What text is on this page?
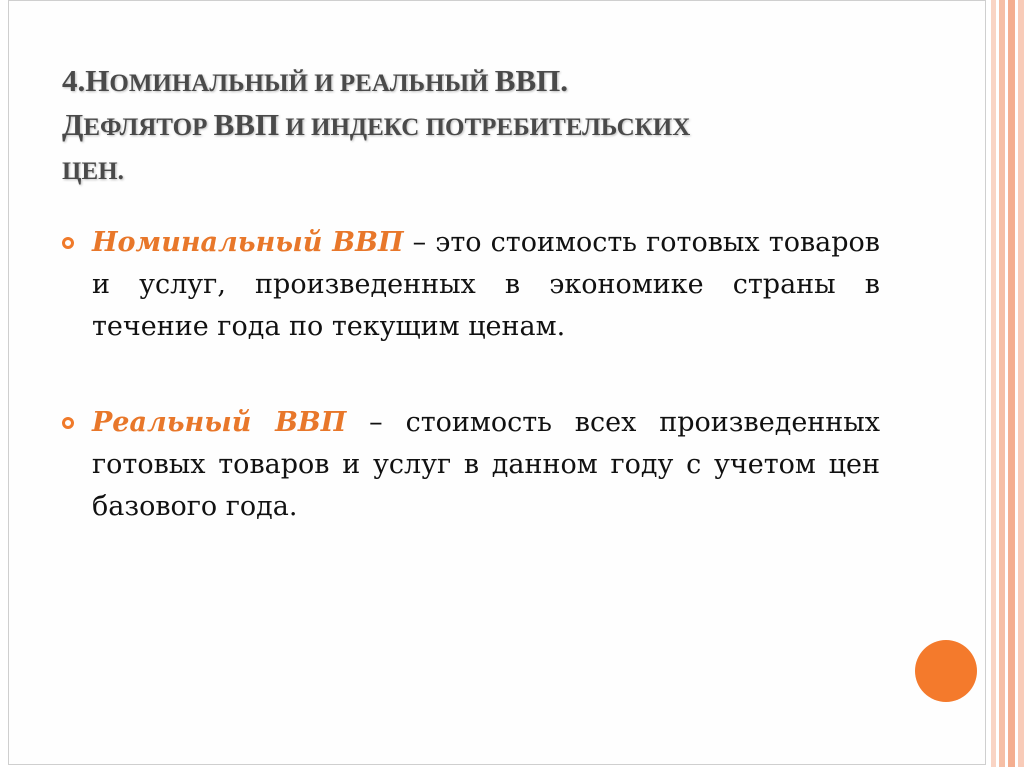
4.НОМИНАЛЬНЫЙ И РЕАЛЬНЫЙ ВВП.
ДЕФЛЯТОР ВВП И ИНДЕКС ПОТРЕБИТЕЛЬСКИХ
ЦЕН.
Номинальный ВВП – это стоимость готовых товаров и услуг, произведенных в экономике страны в течение года по текущим ценам.
Реальный ВВП – стоимость всех произведенных готовых товаров и услуг в данном году с учетом цен базового года.
